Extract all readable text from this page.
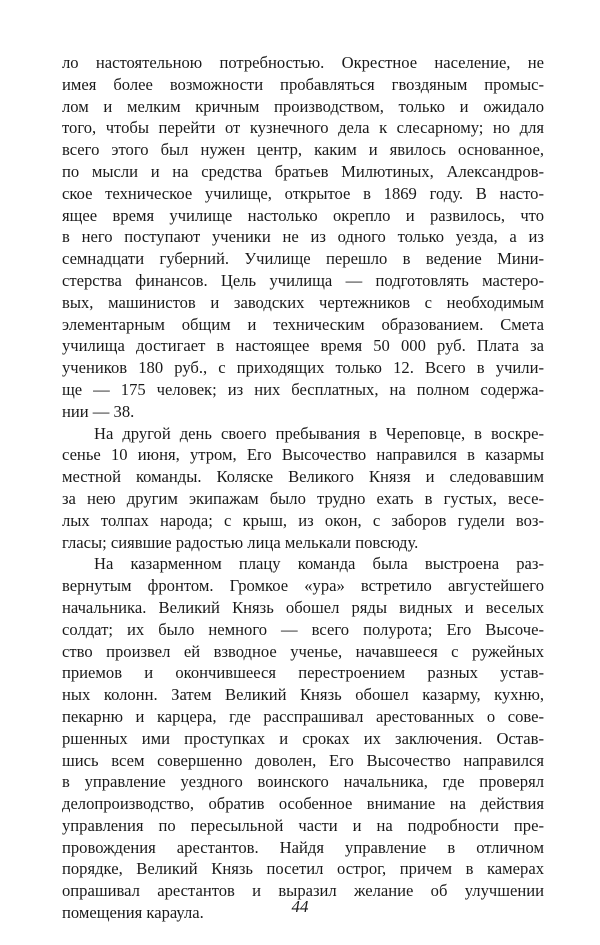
ло настоятельною потребностью. Окрестное население, не
имея более возможности пробавляться гвоздяным промыс-
лом и мелким кричным производством, только и ожидало
того, чтобы перейти от кузнечного дела к слесарному; но для
всего этого был нужен центр, каким и явилось основанное,
по мысли и на средства братьев Милютиных, Александров-
ское техническое училище, открытое в 1869 году. В насто-
ящее время училище настолько окрепло и развилось, что
в него поступают ученики не из одного только уезда, а из
семнадцати губерний. Училище перешло в ведение Мини-
стерства финансов. Цель училища — подготовлять мастеро-
вых, машинистов и заводских чертежников с необходимым
элементарным общим и техническим образованием. Смета
училища достигает в настоящее время 50 000 руб. Плата за
учеников 180 руб., с приходящих только 12. Всего в учили-
ще — 175 человек; из них бесплатных, на полном содержа-
нии — 38.
На другой день своего пребывания в Череповце, в воскре-
сенье 10 июня, утром, Его Высочество направился в казармы
местной команды. Коляске Великого Князя и следовавшим
за нею другим экипажам было трудно ехать в густых, весе-
лых толпах народа; с крыш, из окон, с заборов гудели воз-
гласы; сиявшие радостью лица мелькали повсюду.
На казарменном плацу команда была выстроена раз-
вернутым фронтом. Громкое «ура» встретило августейшего
начальника. Великий Князь обошел ряды видных и веселых
солдат; их было немного — всего полурота; Его Высоче-
ство произвел ей взводное ученье, начавшееся с ружейных
приемов и окончившееся перестроением разных устав-
ных колонн. Затем Великий Князь обошел казарму, кухню,
пекарню и карцера, где расспрашивал арестованных о сове-
ршенных ими проступках и сроках их заключения. Остав-
шись всем совершенно доволен, Его Высочество направился
в управление уездного воинского начальника, где проверял
делопроизводство, обратив особенное внимание на действия
управления по пересыльной части и на подробности пре-
провождения арестантов. Найдя управление в отличном
порядке, Великий Князь посетил острог, причем в камерах
опрашивал арестантов и выразил желание об улучшении
помещения караула.	44
